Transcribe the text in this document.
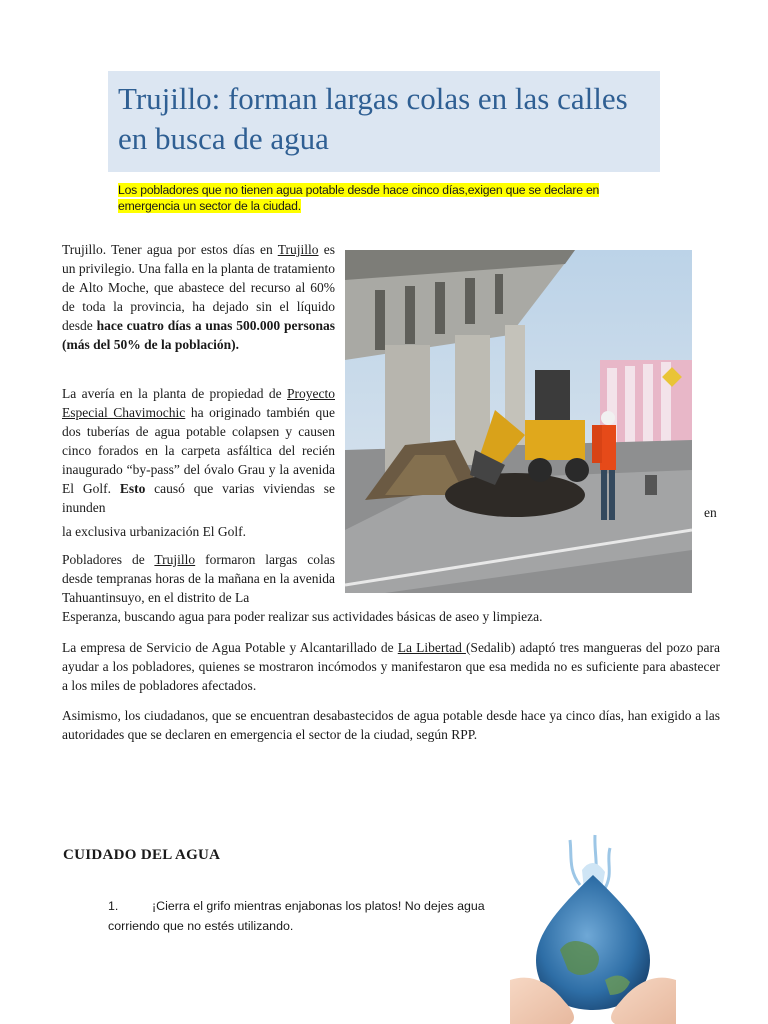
Trujillo: forman largas colas en las calles en busca de agua
Los pobladores que no tienen agua potable desde hace cinco días,exigen que se declare en emergencia un sector de la ciudad.

Trujillo. Tener agua por estos días en Trujillo es un privilegio. Una falla en la planta de tratamiento de Alto Moche, que abastece del recurso al 60% de toda la provincia, ha dejado sin el líquido desde hace cuatro días a unas 500.000 personas (más del 50% de la población).

La avería en la planta de propiedad de Proyecto Especial Chavimochic ha originado también que dos tuberías de agua potable colapsen y causen cinco forados en la carpeta asfáltica del recién inaugurado “by-pass” del óvalo Grau y la avenida El Golf. Esto causó que varias viviendas se inunden	en
la exclusiva urbanización El Golf.

Pobladores de Trujillo formaron largas colas desde tempranas horas de la mañana en la avenida Tahuantinsuyo, en el distrito de La

Esperanza, buscando agua para poder realizar sus actividades básicas de aseo y limpieza.

La empresa de Servicio de Agua Potable y Alcantarillado de La Libertad (Sedalib) adaptó tres mangueras del pozo para ayudar a los pobladores, quienes se mostraron incómodos y manifestaron que esa medida no es suficiente para abastecer a los miles de pobladores afectados.

Asimismo, los ciudadanos, que se encuentran desabastecidos de agua potable desde hace ya cinco días, han exigido a las autoridades que se declaren en emergencia el sector de la ciudad, según RPP.

CUIDADO DEL AGUA
1.	¡Cierra el grifo mientras enjabonas los platos! No dejes agua corriendo que no estés utilizando.
